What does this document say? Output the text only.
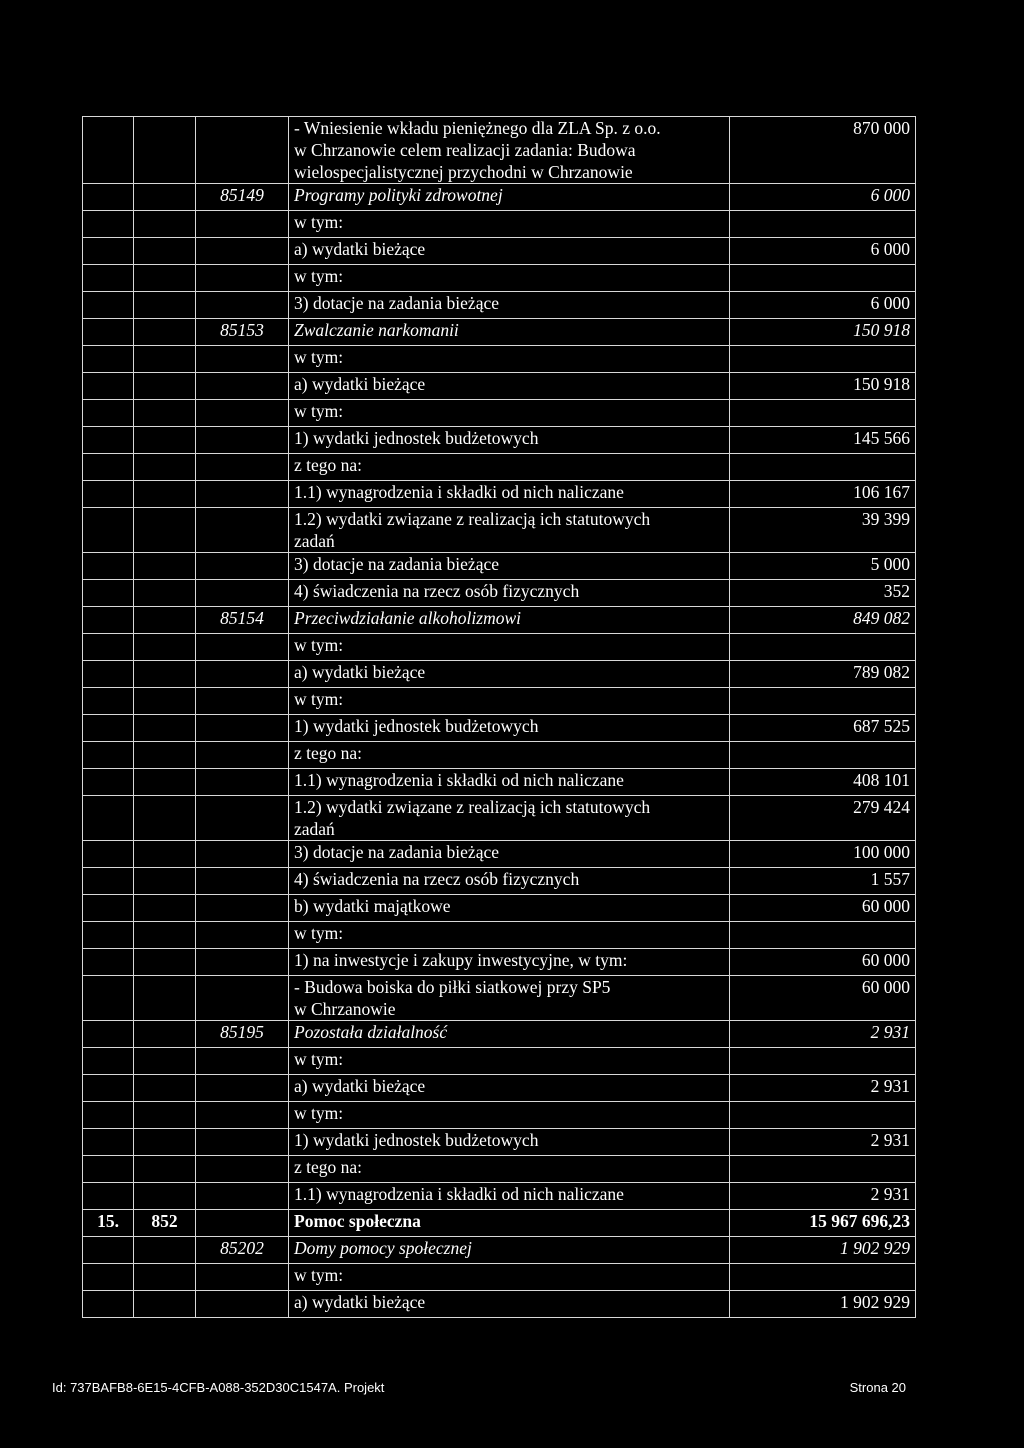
			- Wniesienie wkładu pieniężnego dla ZLA Sp. z o.o.
w Chrzanowie celem realizacji zadania: Budowa
wielospecjalistycznej przychodni w Chrzanowie	870 000
		85149	Programy polityki zdrowotnej	6 000
			w tym:	
			a) wydatki bieżące	6 000
			w tym:	
			3) dotacje na zadania bieżące	6 000
		85153	Zwalczanie narkomanii	150 918
			w tym:	
			a) wydatki bieżące	150 918
			w tym:	
			1) wydatki jednostek budżetowych	145 566
			z tego na:	
			1.1) wynagrodzenia i składki od nich naliczane	106 167
			1.2) wydatki związane z realizacją ich statutowych
zadań	39 399
			3) dotacje na zadania bieżące	5 000
			4) świadczenia na rzecz osób fizycznych	352
		85154	Przeciwdziałanie alkoholizmowi	849 082
			w tym:	
			a) wydatki bieżące	789 082
			w tym:	
			1) wydatki jednostek budżetowych	687 525
			z tego na:	
			1.1) wynagrodzenia i składki od nich naliczane	408 101
			1.2) wydatki związane z realizacją ich statutowych
zadań	279 424
			3) dotacje na zadania bieżące	100 000
			4) świadczenia na rzecz osób fizycznych	1 557
			b) wydatki majątkowe	60 000
			w tym:	
			1) na inwestycje i zakupy inwestycyjne, w tym:	60 000
			- Budowa boiska do piłki siatkowej przy SP5
w Chrzanowie	60 000
		85195	Pozostała działalność	2 931
			w tym:	
			a) wydatki bieżące	2 931
			w tym:	
			1) wydatki jednostek budżetowych	2 931
			z tego na:	
			1.1) wynagrodzenia i składki od nich naliczane	2 931
15.	852		Pomoc społeczna	15 967 696,23
		85202	Domy pomocy społecznej	1 902 929
			w tym:	
			a) wydatki bieżące	1 902 929
Id: 737BAFB8-6E15-4CFB-A088-352D30C1547A. Projekt	Strona 20
